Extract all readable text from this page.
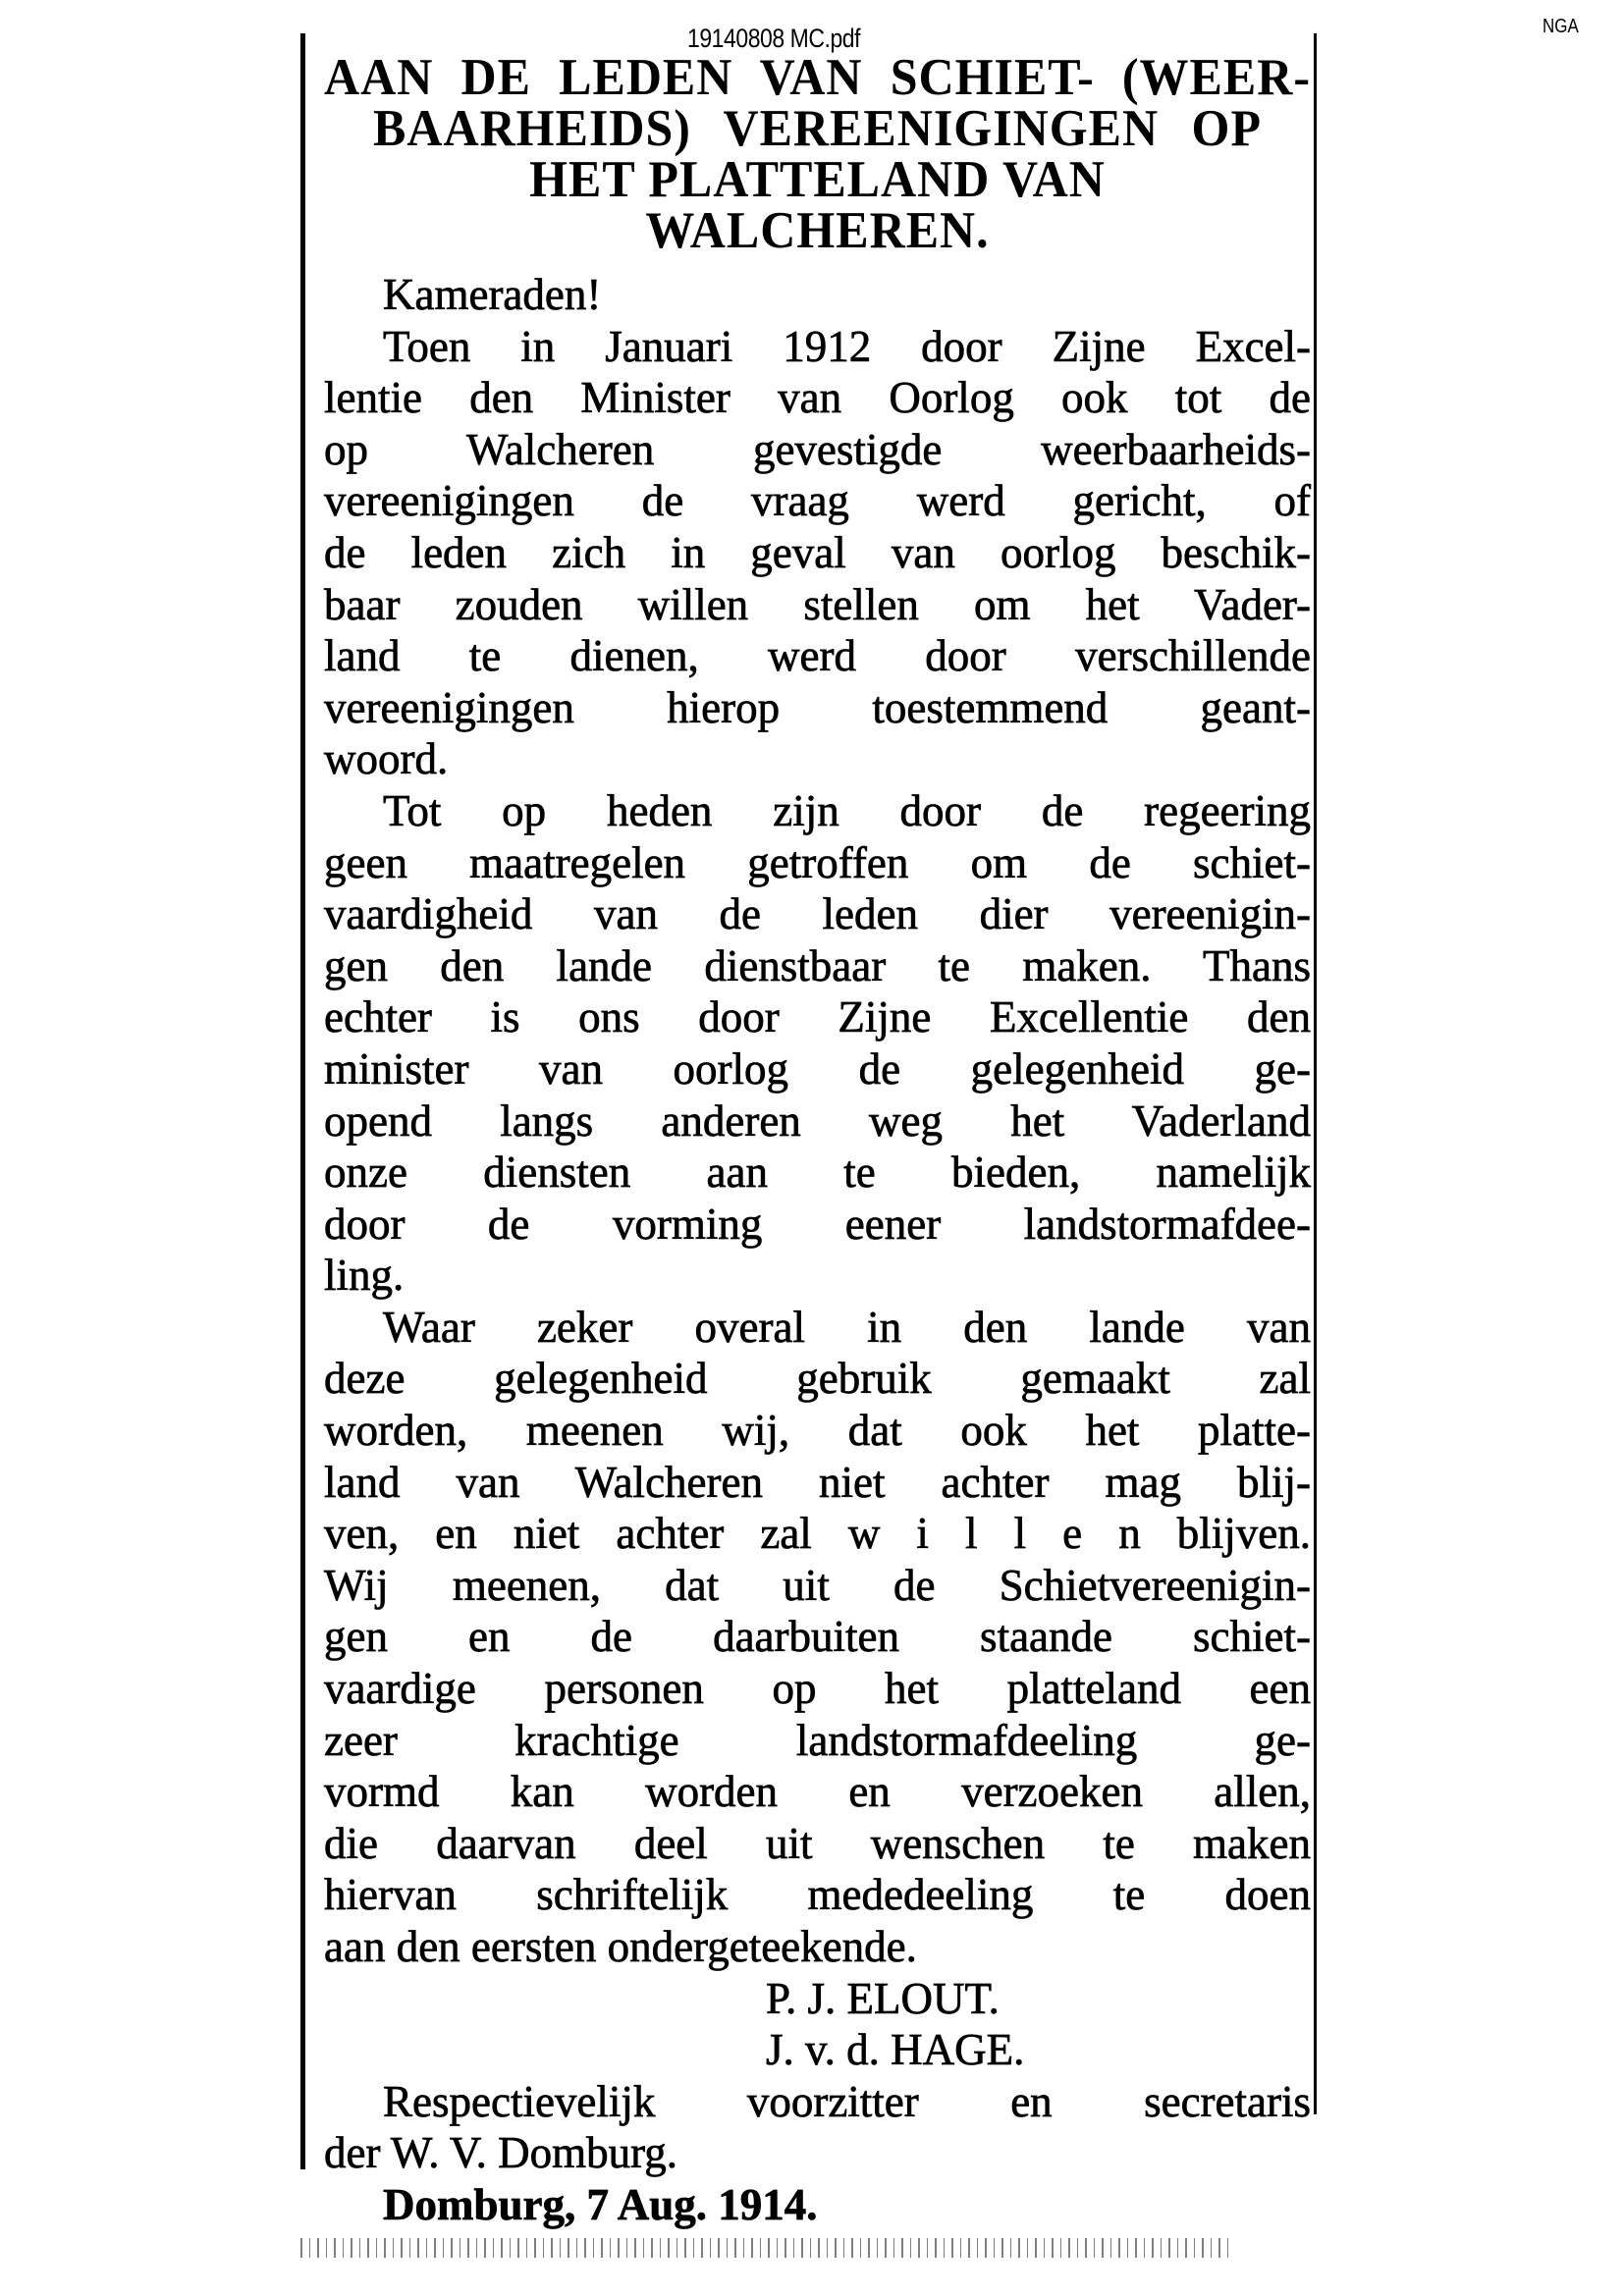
19140808 MC.pdf	NGA
AAN DE LEDEN VAN SCHIET- (WEER-
BAARHEIDS) VEREENIGINGEN OP
HET PLATTELAND VAN
WALCHEREN.
Kameraden!
Toen in Januari 1912 door Zijne Excel-
lentie den Minister van Oorlog ook tot de
op Walcheren gevestigde weerbaarheids-
vereenigingen de vraag werd gericht, of
de leden zich in geval van oorlog beschik-
baar zouden willen stellen om het Vader-
land te dienen, werd door verschillende
vereenigingen hierop toestemmend geant-
woord.
Tot op heden zijn door de regeering
geen maatregelen getroffen om de schiet-
vaardigheid van de leden dier vereenigin-
gen den lande dienstbaar te maken. Thans
echter is ons door Zijne Excellentie den
minister van oorlog de gelegenheid ge-
opend langs anderen weg het Vaderland
onze diensten aan te bieden, namelijk
door de vorming eener landstormafdee-
ling.
Waar zeker overal in den lande van
deze gelegenheid gebruik gemaakt zal
worden, meenen wij, dat ook het platte-
land van Walcheren niet achter mag blij-
ven, en niet achter zal w i l l e n blijven.
Wij meenen, dat uit de Schietvereenigin-
gen en de daarbuiten staande schiet-
vaardige personen op het platteland een
zeer krachtige landstormafdeeling ge-
vormd kan worden en verzoeken allen,
die daarvan deel uit wenschen te maken
hiervan schriftelijk mededeeling te doen
aan den eersten ondergeteekende.
P. J. ELOUT.
J. v. d. HAGE.
Respectievelijk voorzitter en secretaris
der W. V. Domburg.
Domburg, 7 Aug. 1914.
